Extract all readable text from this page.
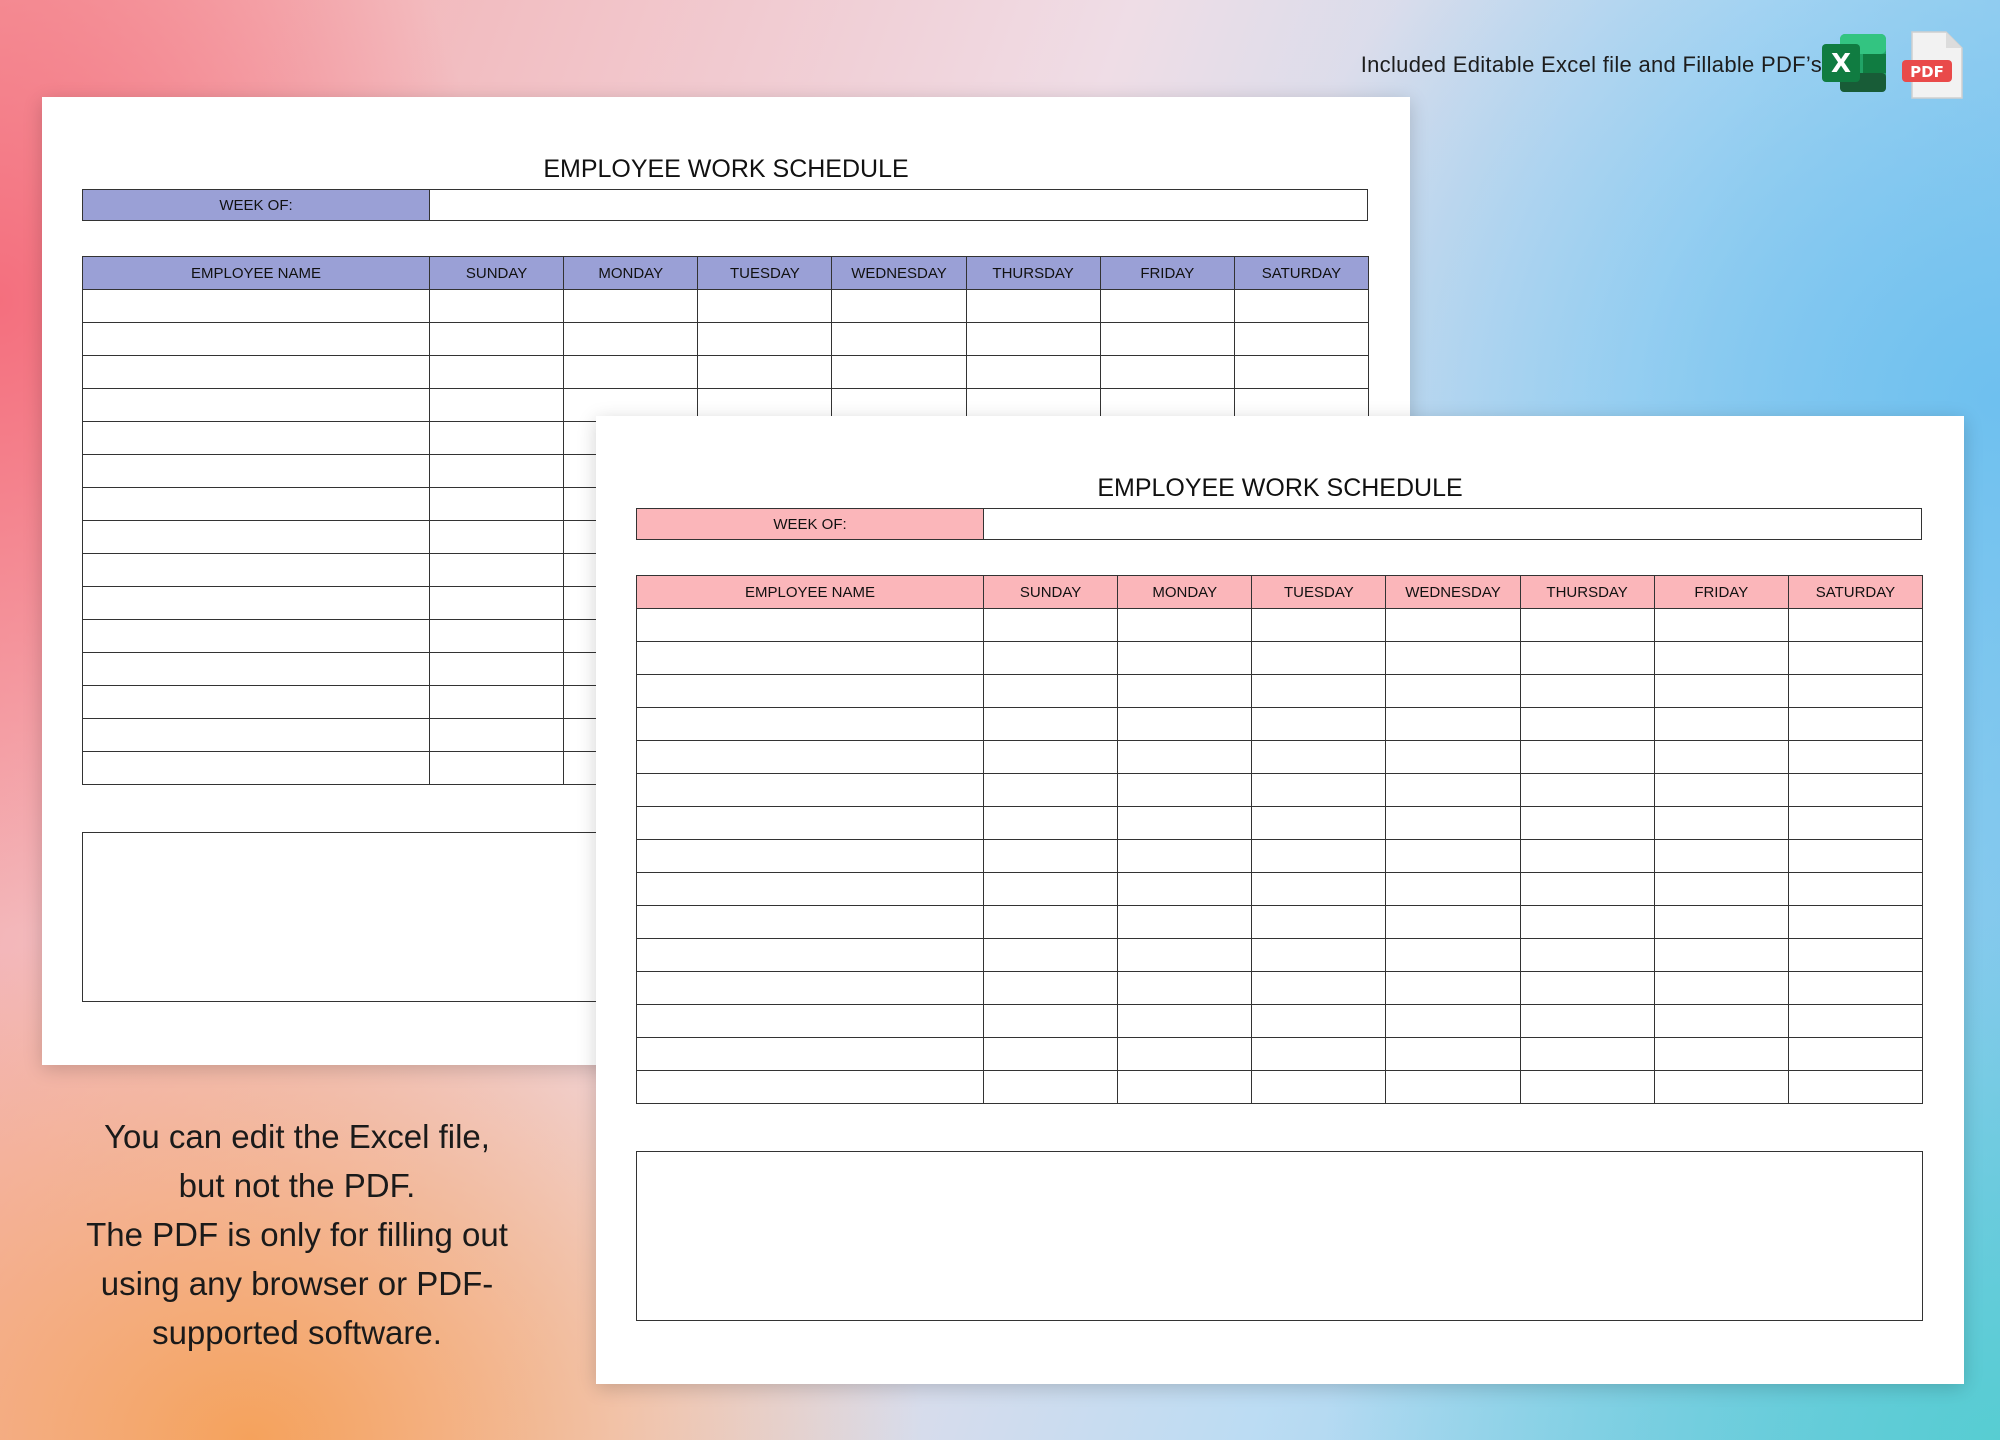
Included Editable Excel file and Fillable PDF’s X	PDF
EMPLOYEE WORK SCHEDULE
WEEK OF:
EMPLOYEE NAME	SUNDAY	MONDAY	TUESDAY	WEDNESDAY	THURSDAY	FRIDAY	SATURDAY

You can edit the Excel file,
but not the PDF.
The PDF is only for filling out
using any browser or PDF-
supported software.
EMPLOYEE WORK SCHEDULE
WEEK OF:
EMPLOYEE NAME	SUNDAY	MONDAY	TUESDAY	WEDNESDAY	THURSDAY	FRIDAY	SATURDAY
